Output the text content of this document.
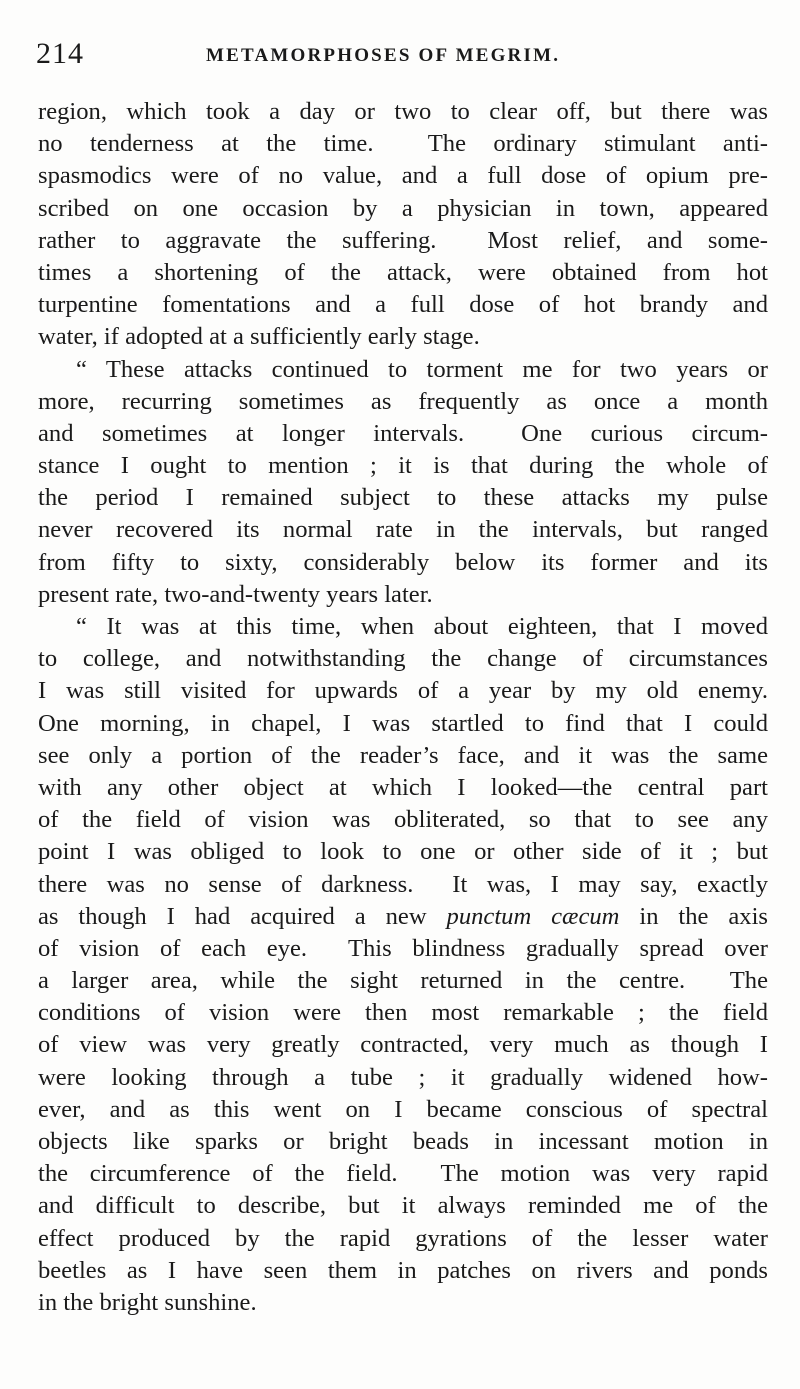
214	METAMORPHOSES OF MEGRIM.
region, which took a day or two to clear off, but there was
no tenderness at the time.  The ordinary stimulant anti-
spasmodics were of no value, and a full dose of opium pre-
scribed on one occasion by a physician in town, appeared
rather to aggravate the suffering.  Most relief, and some-
times a shortening of the attack, were obtained from hot
turpentine fomentations and a full dose of hot brandy and
water, if adopted at a sufficiently early stage.
“ These attacks continued to torment me for two years or
more, recurring sometimes as frequently as once a month
and sometimes at longer intervals.  One curious circum-
stance I ought to mention ; it is that during the whole of
the period I remained subject to these attacks my pulse
never recovered its normal rate in the intervals, but ranged
from fifty to sixty, considerably below its former and its
present rate, two-and-twenty years later.
“ It was at this time, when about eighteen, that I moved
to college, and notwithstanding the change of circumstances
I was still visited for upwards of a year by my old enemy.
One morning, in chapel, I was startled to find that I could
see only a portion of the reader’s face, and it was the same
with any other object at which I looked—the central part
of the field of vision was obliterated, so that to see any
point I was obliged to look to one or other side of it ; but
there was no sense of darkness.  It was, I may say, exactly
as though I had acquired a new punctum cæcum in the axis
of vision of each eye.  This blindness gradually spread over
a larger area, while the sight returned in the centre.  The
conditions of vision were then most remarkable ; the field
of view was very greatly contracted, very much as though I
were looking through a tube ; it gradually widened how-
ever, and as this went on I became conscious of spectral
objects like sparks or bright beads in incessant motion in
the circumference of the field.  The motion was very rapid
and difficult to describe, but it always reminded me of the
effect produced by the rapid gyrations of the lesser water
beetles as I have seen them in patches on rivers and ponds
in the bright sunshine.
